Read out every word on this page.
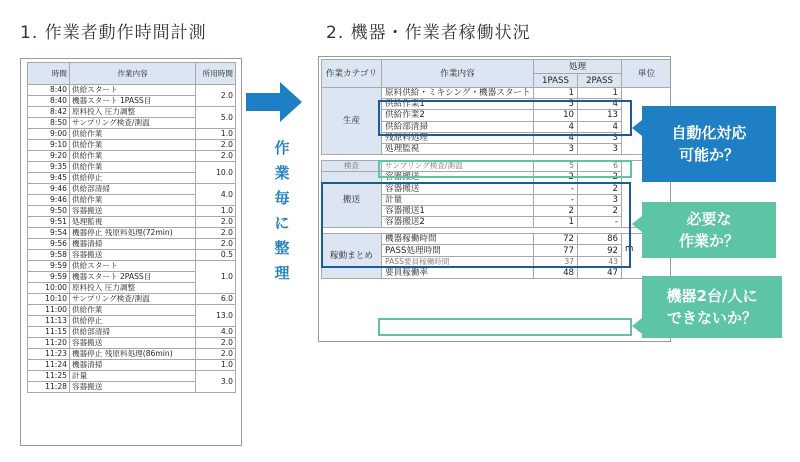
1. 作業者動作時間計測	2. 機器・作業者稼働状況
時間	作業内容	所用時間
8:40	供給スタート	2.0
8:40	機器スタート 1PASS目	
8:42	原料投入 圧力調整	5.0
8:50	サンプリング検査/測温	
9:00	供給作業	1.0
9:10	供給作業	2.0
9:20	供給作業	2.0
9:35	供給作業	10.0
9:45	供給停止	
9:46	供給部清掃	4.0
9:46	供給作業	
9:50	容器搬送	1.0
9:51	処理監視	2.0
9:54	機器停止 残原料処理(72min)	2.0
9:56	機器清掃	2.0
9:58	容器搬送	0.5
9:59	供給スタート	1.0
9:59	機器スタート 2PASS目	
10:00	原料投入 圧力調整	
10:10	サンプリング検査/測温	6.0
11:00	供給作業	13.0
11:13	供給停止	
11:15	供給部清掃	4.0
11:20	容器搬送	2.0
11:23	機器停止 残原料処理(86min)	2.0
11:24	機器清掃	1.0
11:25	計量	3.0
11:28	容器搬送	
作
業
毎
に
整
理
作業カテゴリ	作業内容	処理		単位
		1PASS	2PASS	
生産	原料供給・ミキシング・機器スタート	1	1	
	供給作業1	5	4	
	供給作業2	10	13	
	供給部清掃	4	4	
	残原料処理	4	3	
	処理監視	3	3	

検査	サンプリング検査/測温	5	6	
搬送	容器搬送	2	2	
	容器搬送	-	2	
	計量	-	3	
	容器搬送1	2	2	
	容器搬送2	1	-	

稼動まとめ	機器稼働時間	72	86	m
	PASS処理時間	77	92	
	PASS要員稼働時間	37	43	
	要員稼働率	48	47	
自動化対応
可能か？
必要な
作業か？
機器2台/人に
できないか？
